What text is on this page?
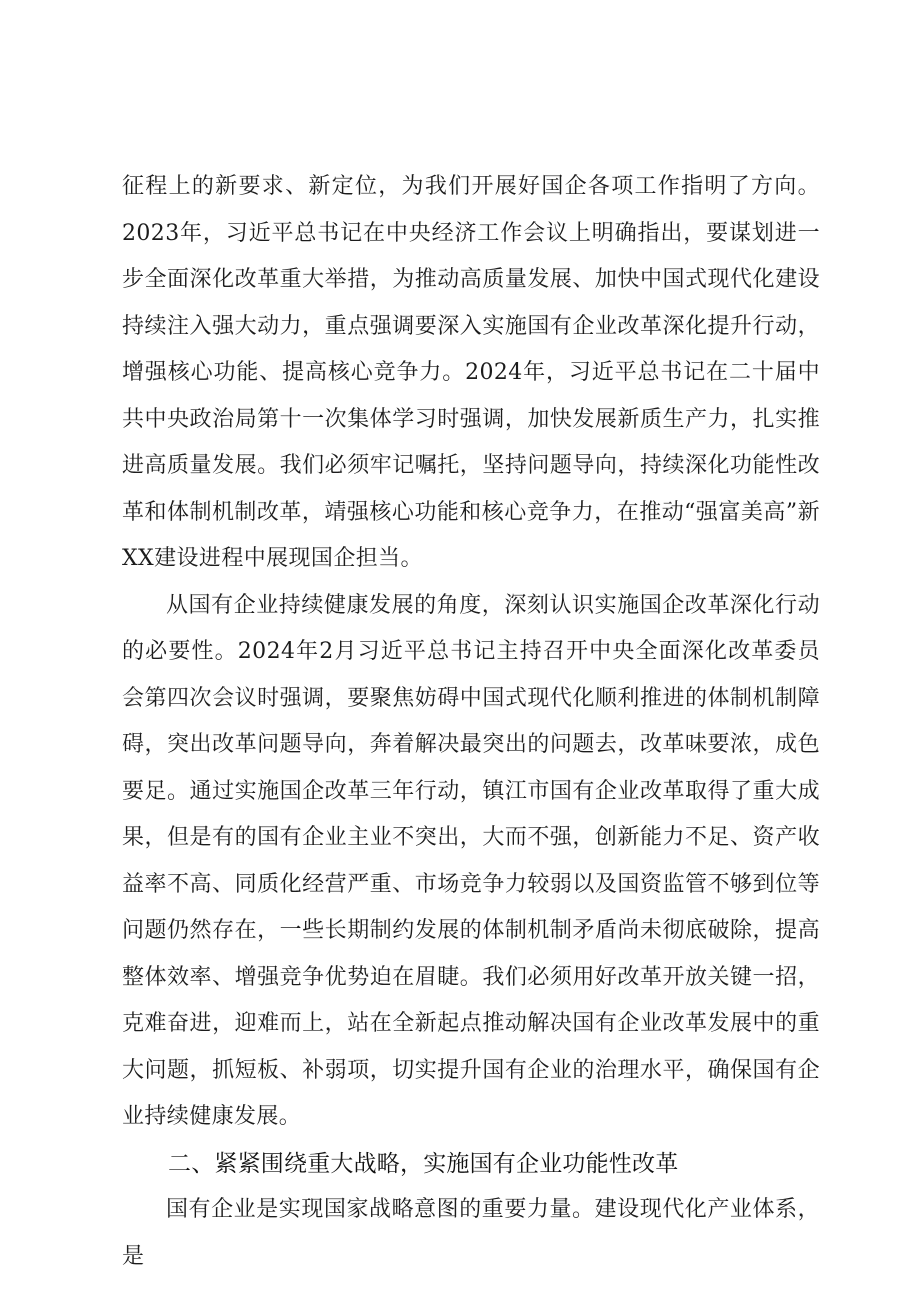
征程上的新要求、新定位，为我们开展好国企各项工作指明了方向。2023年，习近平总书记在中央经济工作会议上明确指出，要谋划进一步全面深化改革重大举措，为推动高质量发展、加快中国式现代化建设持续注入强大动力，重点强调要深入实施国有企业改革深化提升行动，增强核心功能、提高核心竞争力。2024年，习近平总书记在二十届中共中央政治局第十一次集体学习时强调，加快发展新质生产力，扎实推进高质量发展。我们必须牢记嘱托，坚持问题导向，持续深化功能性改革和体制机制改革，靖强核心功能和核心竞争力，在推动“强富美高”新XX建设进程中展现国企担当。

从国有企业持续健康发展的角度，深刻认识实施国企改革深化行动的必要性。2024年2月习近平总书记主持召开中央全面深化改革委员会第四次会议时强调，要聚焦妨碍中国式现代化顺利推进的体制机制障碍，突出改革问题导向，奔着解决最突出的问题去，改革味要浓，成色要足。通过实施国企改革三年行动，镇江市国有企业改革取得了重大成果，但是有的国有企业主业不突出，大而不强，创新能力不足、资产收益率不高、同质化经营严重、市场竞争力较弱以及国资监管不够到位等问题仍然存在，一些长期制约发展的体制机制矛盾尚未彻底破除，提高整体效率、增强竞争优势迫在眉睫。我们必须用好改革开放关键一招，克难奋进，迎难而上，站在全新起点推动解决国有企业改革发展中的重大问题，抓短板、补弱项，切实提升国有企业的治理水平，确保国有企业持续健康发展。

二、紧紧围绕重大战略，实施国有企业功能性改革

国有企业是实现国家战略意图的重要力量。建设现代化产业体系，是
